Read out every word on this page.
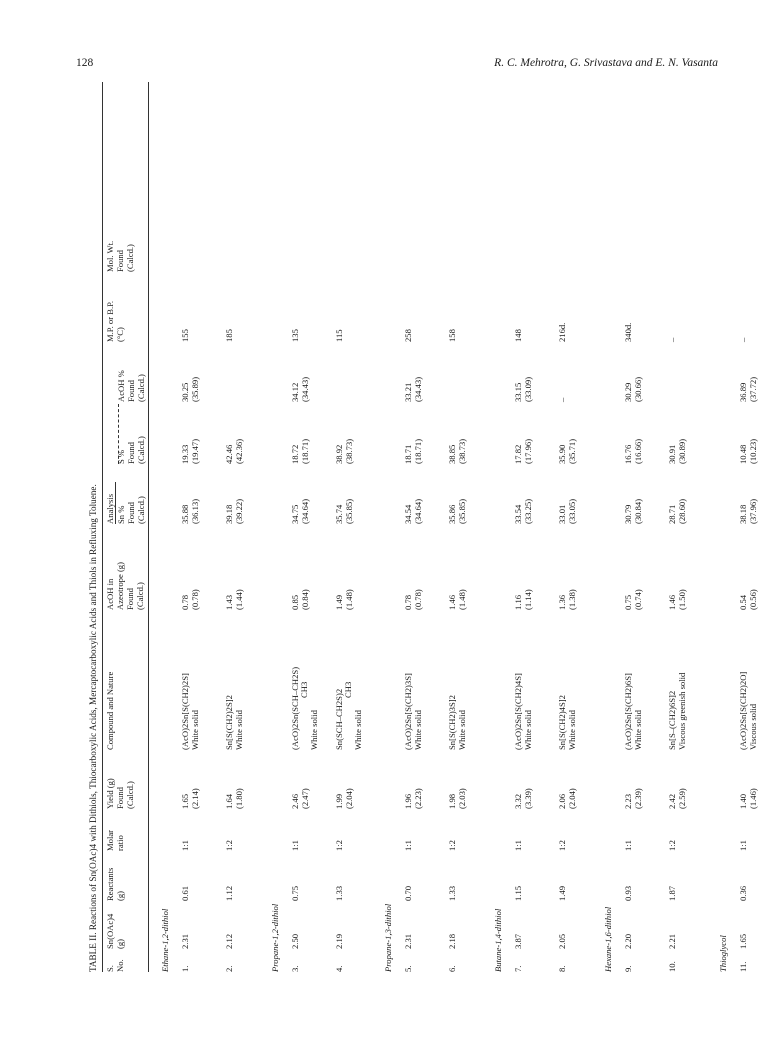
128	R. C. Mehrotra, G. Srivastava and E. N. Vasanta
TABLE II. Reactions of Sn(OAc)4 with Dithiols, Thiocarboxylic Acids, Mercaptocarboxylic Acids and Thiols in Refluxing Toluene. S. No.
Sn(OAc)4 (g)
Reactants (g)
Molar ratio
Yield (g) Found (Calcd.)
Compound and Nature
AcOH in Azeotrope (g) Found (Calcd.)
Analysis Sn % Found (Calcd.)
S % Found (Calcd.)
AcOH % Found (Calcd.)
M.P. or B.P. (°C)
Mol. Wt. Found (Calcd.)
Ethane-1,2-dithiol 1.
2.31
0.61
1:1
1.65 (2.14)
(AcO)2Sn[S(CH2)2S] White solid
0.78 (0.78)
35.88 (36.13)
19.33 (19.47)
30.25 (35.89)
155
2.
2.12
1.12
1:2
1.64 (1.80)
Sn[S(CH2)2S]2 White solid
1.43 (1.44)
39.18 (39.22)
42.46 (42.36)
185
Propane-1,2-dithiol 3.
2.50
0.75
1:1
2.46 (2.47)
(AcO)2Sn(SCH–CH2S) CH3
White solid
0.85 (0.84)
34.75 (34.64)
18.72 (18.71)
34.12 (34.43)
135
4.
2.19
1.33
1:2
1.99 (2.04)
Sn(SCH–CH2S)2 CH3
White solid
1.49 (1.48)
35.74 (35.85)
38.92 (38.73)
115
Propane-1,3-dithiol 5.
2.31
0.70
1:1
1.96 (2.23)
(AcO)2Sn[S(CH2)3S] White solid
0.78 (0.78)
34.54 (34.64)
18.71 (18.71)
33.21 (34.43)
258
6.
2.18
1.33
1:2
1.98 (2.03)
Sn[S(CH2)3S]2 White solid
1.46 (1.48)
35.86 (35.85)
38.85 (38.73)
158
Butane-1,4-dithiol 7.
3.87
1.15
1:1
3.32 (3.39)
(AcO)2Sn[S(CH2)4S] White solid
1.16 (1.14)
33.54 (33.25)
17.82 (17.96)
33.15 (33.09)
148
8.
2.05
1.49
1:2
2.06 (2.04)
Sn[S(CH2)4S]2 White solid
1.36 (1.38)
33.01 (33.05)
35.90 (35.71)
–
216d.
Hexane-1,6-dithiol 9.
2.20
0.93
1:1
2.23 (2.39)
(AcO)2Sn[S(CH2)6S] White solid
0.75 (0.74)
30.79 (30.84)
16.76 (16.66)
30.29 (30.66)
340d.
10.
2.21
1.87
1:2
2.42 (2.59)
Sn[S–(CH2)6S]2 Viscous greenish solid
1.46 (1.50)
28.71 (28.60)
30.91 (30.89)
–
Thioglycol 11.
1.65
0.36
1:1
1.40 (1.46)
(AcO)2Sn[S(CH2)2O] Viscous solid
0.54 (0.56)
38.18 (37.96)
10.48 (10.23)
36.89 (37.72)
–
